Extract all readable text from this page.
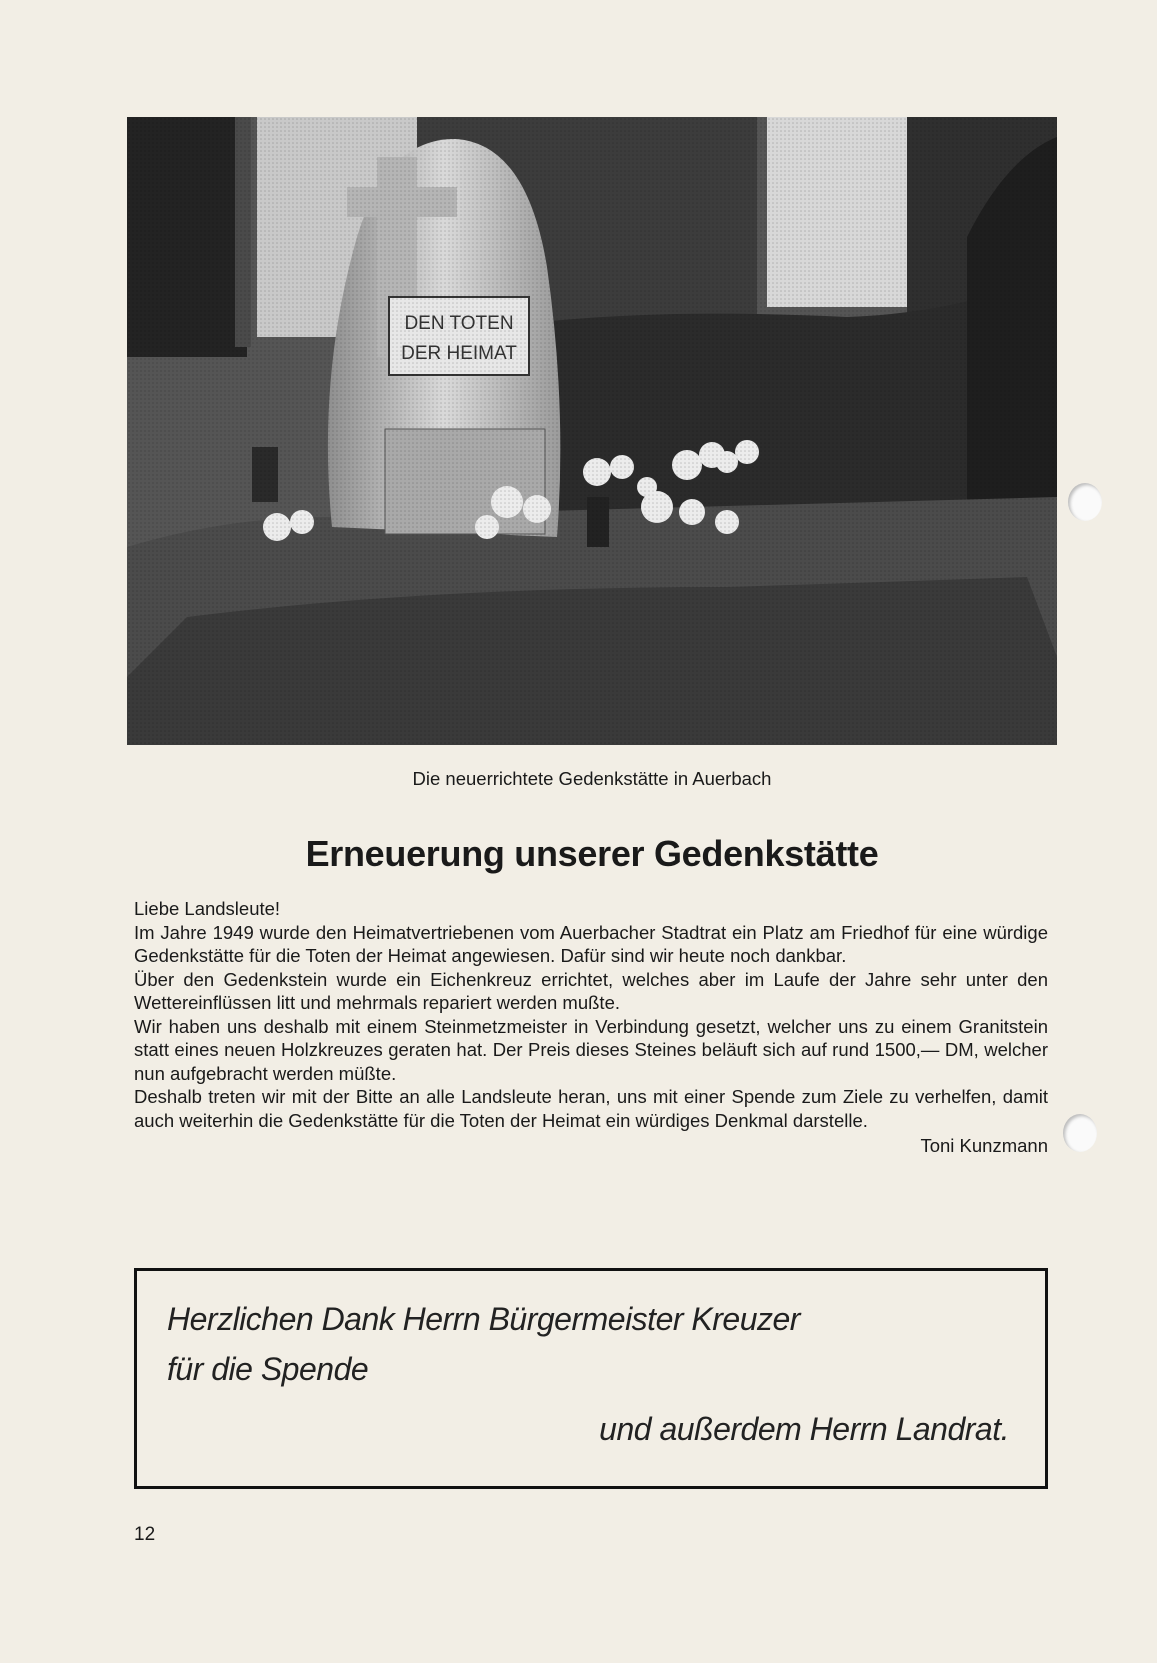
Die neuerrichtete Gedenkstätte in Auerbach
Erneuerung unserer Gedenkstätte

Liebe Landsleute!

Im Jahre 1949 wurde den Heimatvertriebenen vom Auerbacher Stadtrat ein Platz am Friedhof für eine würdige Gedenkstätte für die Toten der Heimat angewiesen. Dafür sind wir heute noch dankbar.

Über den Gedenkstein wurde ein Eichenkreuz errichtet, welches aber im Laufe der Jahre sehr unter den Wettereinflüssen litt und mehrmals repariert werden mußte.

Wir haben uns deshalb mit einem Steinmetzmeister in Verbindung gesetzt, welcher uns zu einem Granitstein statt eines neuen Holzkreuzes geraten hat. Der Preis dieses Steines beläuft sich auf rund 1500,— DM, welcher nun aufgebracht werden müßte.

Deshalb treten wir mit der Bitte an alle Landsleute heran, uns mit einer Spende zum Ziele zu verhelfen, damit auch weiterhin die Gedenkstätte für die Toten der Heimat ein würdiges Denkmal darstelle.

Toni Kunzmann

Herzlichen Dank Herrn Bürgermeister Kreuzer
für die Spende
und außerdem Herrn Landrat.
12
